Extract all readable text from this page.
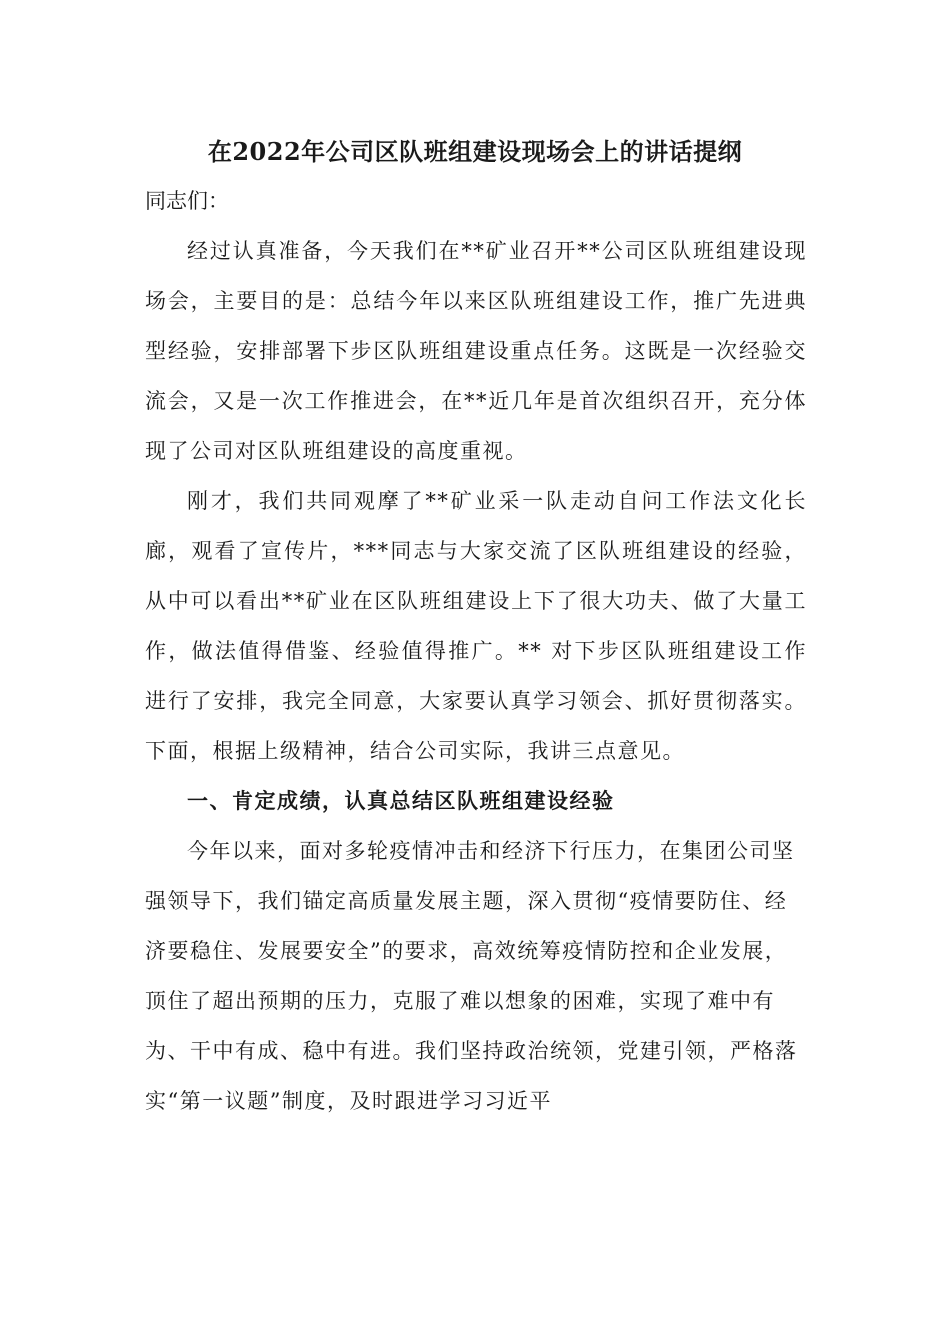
在2022年公司区队班组建设现场会上的讲话提纲

同志们：

经过认真准备，今天我们在**矿业召开**公司区队班组建设现场会，主要目的是：总结今年以来区队班组建设工作，推广先进典型经验，安排部署下步区队班组建设重点任务。这既是一次经验交流会，又是一次工作推进会，在**近几年是首次组织召开，充分体现了公司对区队班组建设的高度重视。

刚才，我们共同观摩了**矿业采一队走动自问工作法文化长廊，观看了宣传片，***同志与大家交流了区队班组建设的经验，从中可以看出**矿业在区队班组建设上下了很大功夫、做了大量工作，做法值得借鉴、经验值得推广。** 对下步区队班组建设工作进行了安排，我完全同意，大家要认真学习领会、抓好贯彻落实。下面，根据上级精神，结合公司实际，我讲三点意见。

一、肯定成绩，认真总结区队班组建设经验

今年以来，面对多轮疫情冲击和经济下行压力，在集团公司坚强领导下，我们锚定高质量发展主题，深入贯彻“疫情要防住、经济要稳住、发展要安全”的要求，高效统筹疫情防控和企业发展，顶住了超出预期的压力，克服了难以想象的困难，实现了难中有为、干中有成、稳中有进。我们坚持政治统领，党建引领，严格落实“第一议题”制度，及时跟进学习习近平
